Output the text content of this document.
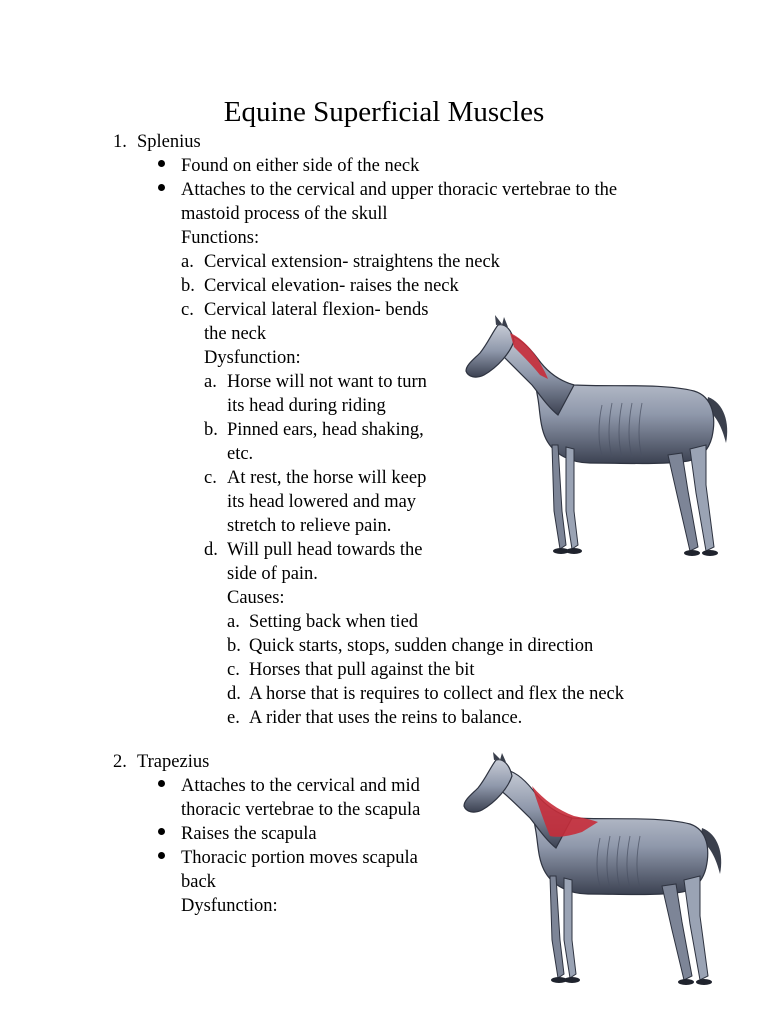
Equine Superficial Muscles
1. Splenius
Found on either side of the neck
Attaches to the cervical and upper thoracic vertebrae to the
mastoid process of the skull
Functions:
a. Cervical extension- straightens the neck
b. Cervical elevation- raises the neck
c. Cervical lateral flexion- bends
the neck
Dysfunction:
a. Horse will not want to turn
its head during riding
b. Pinned ears, head shaking,
etc.
c. At rest, the horse will keep
its head lowered and may
stretch to relieve pain.
d. Will pull head towards the
side of pain.
Causes:
a. Setting back when tied
b. Quick starts, stops, sudden change in direction
c. Horses that pull against the bit
d. A horse that is requires to collect and flex the neck
e. A rider that uses the reins to balance.
2. Trapezius
Attaches to the cervical and mid
thoracic vertebrae to the scapula
Raises the scapula
Thoracic portion moves scapula
back
Dysfunction:
